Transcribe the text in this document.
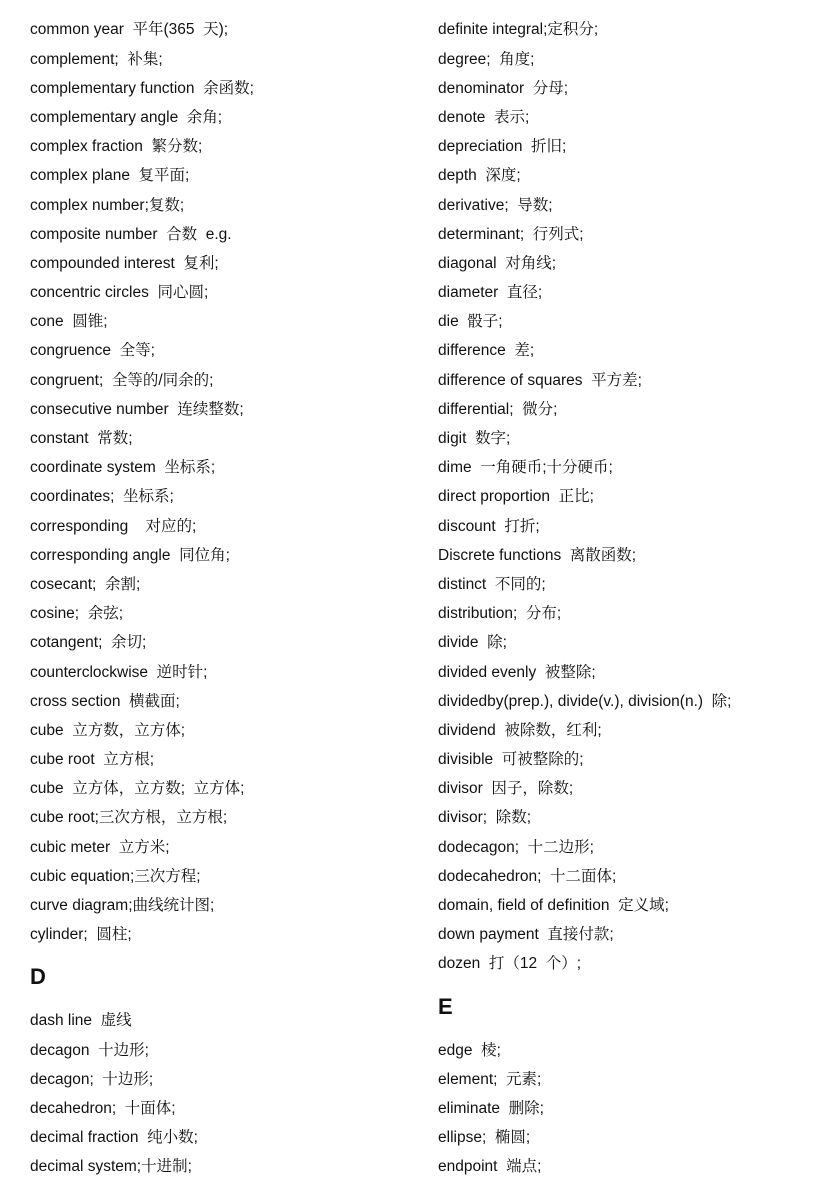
common year  平年(365  天);
complement;  补集;
complementary function  余函数;
complementary angle  余角;
complex fraction  繁分数;
complex plane  复平面;
complex number;复数;
composite number  合数  e.g.
compounded interest  复利;
concentric circles  同心圆;
cone  圆锥;
congruence  全等;
congruent;  全等的/同余的;
consecutive number  连续整数;
constant  常数;
coordinate system  坐标系;
coordinates;  坐标系;
corresponding    对应的;
corresponding angle  同位角;
cosecant;  余割;
cosine;  余弦;
cotangent;  余切;
counterclockwise  逆时针;
cross section  横截面;
cube  立方数，立方体;
cube root  立方根;
cube  立方体，立方数;  立方体;
cube root;三次方根，立方根;
cubic meter  立方米;
cubic equation;三次方程;
curve diagram;曲线统计图;
cylinder;  圆柱;
D
dash line  虚线
decagon  十边形;
decagon;  十边形;
decahedron;  十面体;
decimal fraction  纯小数;
decimal system;十进制;
definite integral;定积分;
degree;  角度;
denominator  分母;
denote  表示;
depreciation  折旧;
depth  深度;
derivative;  导数;
determinant;  行列式;
diagonal  对角线;
diameter  直径;
die  骰子;
difference  差;
difference of squares  平方差;
differential;  微分;
digit  数字;
dime  一角硬币;十分硬币;
direct proportion  正比;
discount  打折;
Discrete functions  离散函数;
distinct  不同的;
distribution;  分布;
divide  除;
divided evenly  被整除;
dividedby(prep.), divide(v.), division(n.)  除;
dividend  被除数，红利;
divisible  可被整除的;
divisor  因子，除数;
divisor;  除数;
dodecagon;  十二边形;
dodecahedron;  十二面体;
domain, field of definition  定义域;
down payment  直接付款;
dozen  打（12  个）;
E
edge  棱;
element;  元素;
eliminate  删除;
ellipse;  椭圆;
endpoint  端点;
